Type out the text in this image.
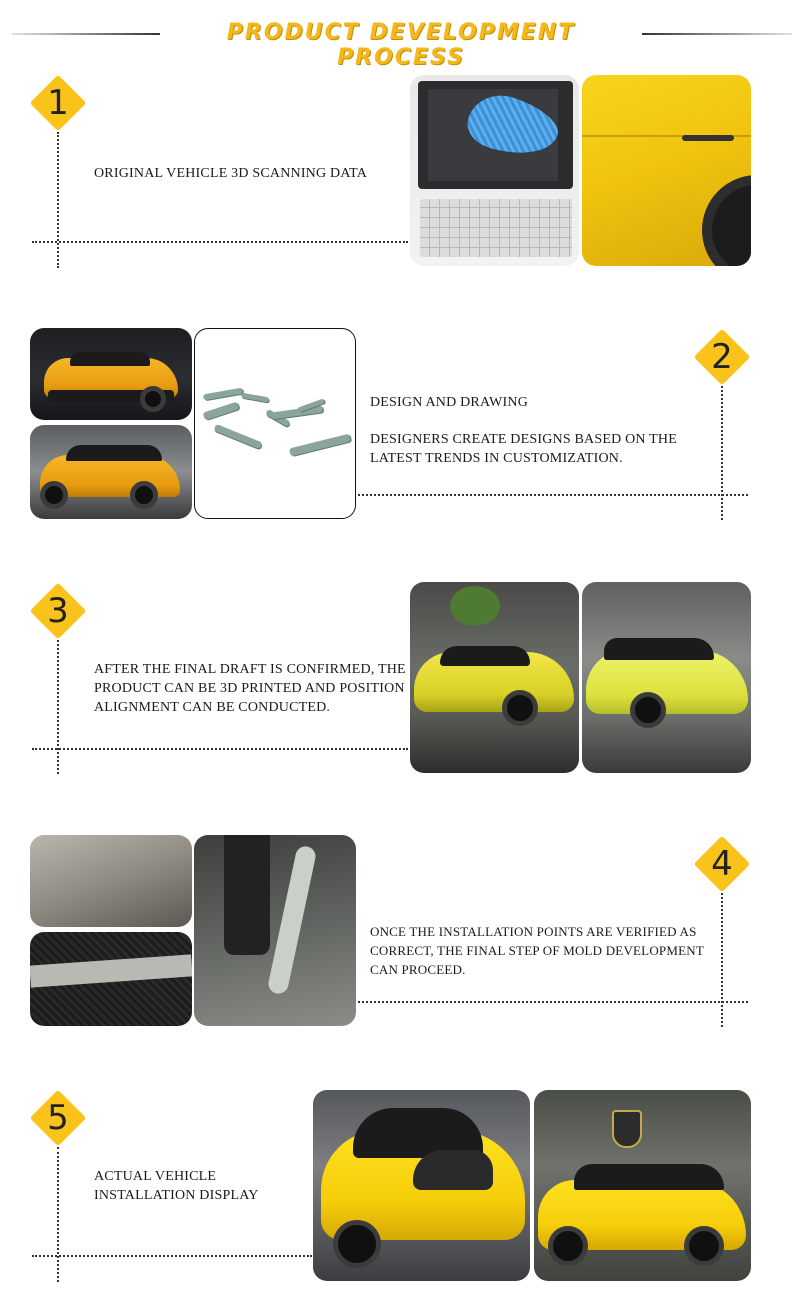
PRODUCT DEVELOPMENT PROCESS
1

ORIGINAL VEHICLE 3D SCANNING DATA

2

DESIGN AND DRAWING

DESIGNERS CREATE DESIGNS BASED ON THE LATEST TRENDS IN CUSTOMIZATION.

3

AFTER THE FINAL DRAFT IS CONFIRMED, THE PRODUCT CAN BE 3D PRINTED AND POSITION ALIGNMENT CAN BE CONDUCTED.

4

ONCE THE INSTALLATION POINTS ARE VERIFIED AS CORRECT, THE FINAL STEP OF MOLD DEVELOPMENT CAN PROCEED.

5

ACTUAL VEHICLE INSTALLATION DISPLAY
